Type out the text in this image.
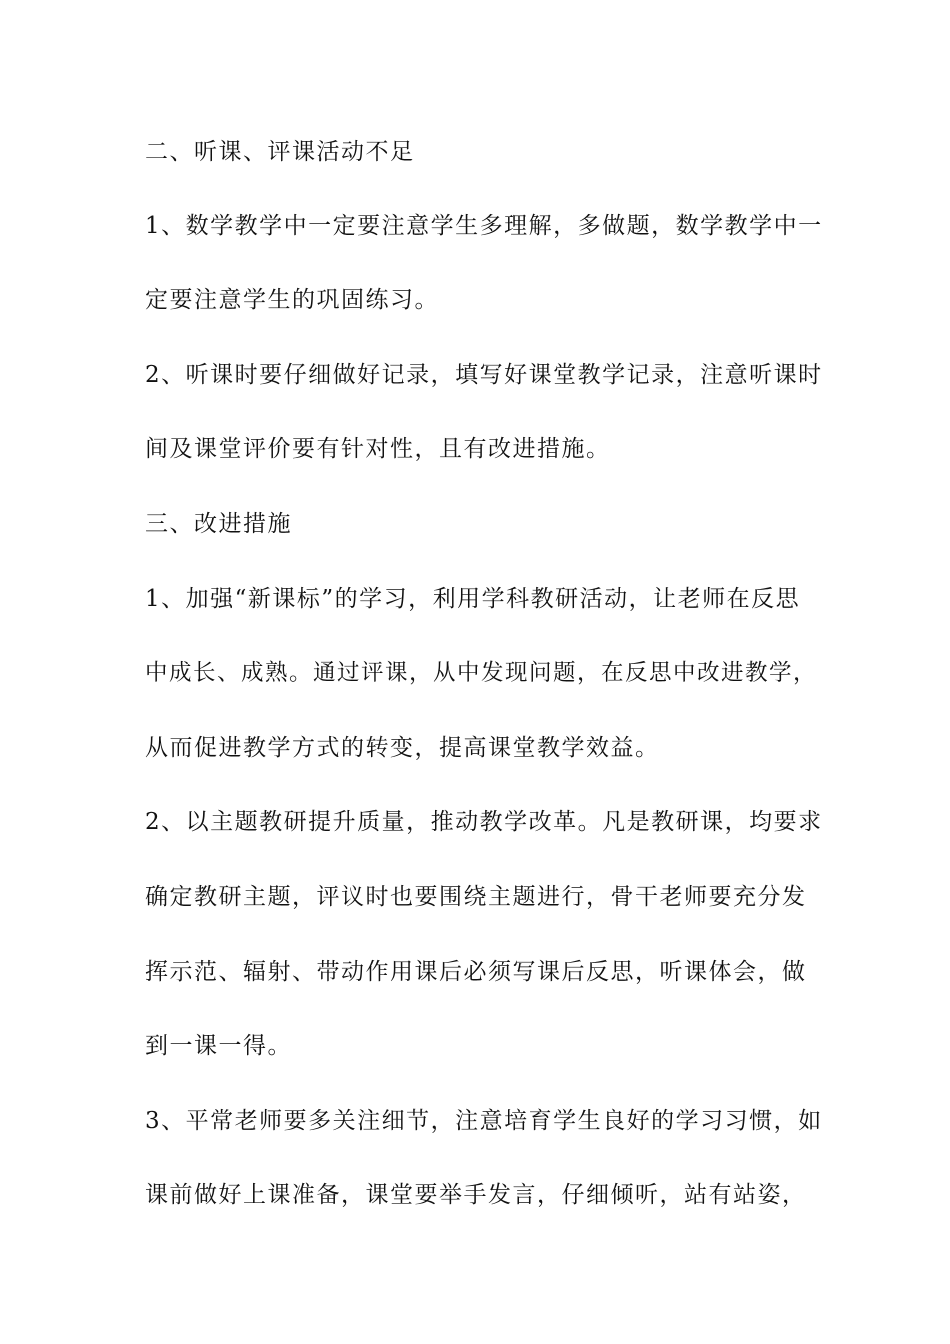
二、听课、评课活动不足
1、数学教学中一定要注意学生多理解，多做题，数学教学中一
定要注意学生的巩固练习。
2、听课时要仔细做好记录，填写好课堂教学记录，注意听课时
间及课堂评价要有针对性，且有改进措施。
三、改进措施
1、加强“新课标”的学习，利用学科教研活动，让老师在反思
中成长、成熟。通过评课，从中发现问题，在反思中改进教学，
从而促进教学方式的转变，提高课堂教学效益。
2、以主题教研提升质量，推动教学改革。凡是教研课，均要求
确定教研主题，评议时也要围绕主题进行，骨干老师要充分发
挥示范、辐射、带动作用课后必须写课后反思，听课体会，做
到一课一得。
3、平常老师要多关注细节，注意培育学生良好的学习习惯，如
课前做好上课准备，课堂要举手发言，仔细倾听，站有站姿，
